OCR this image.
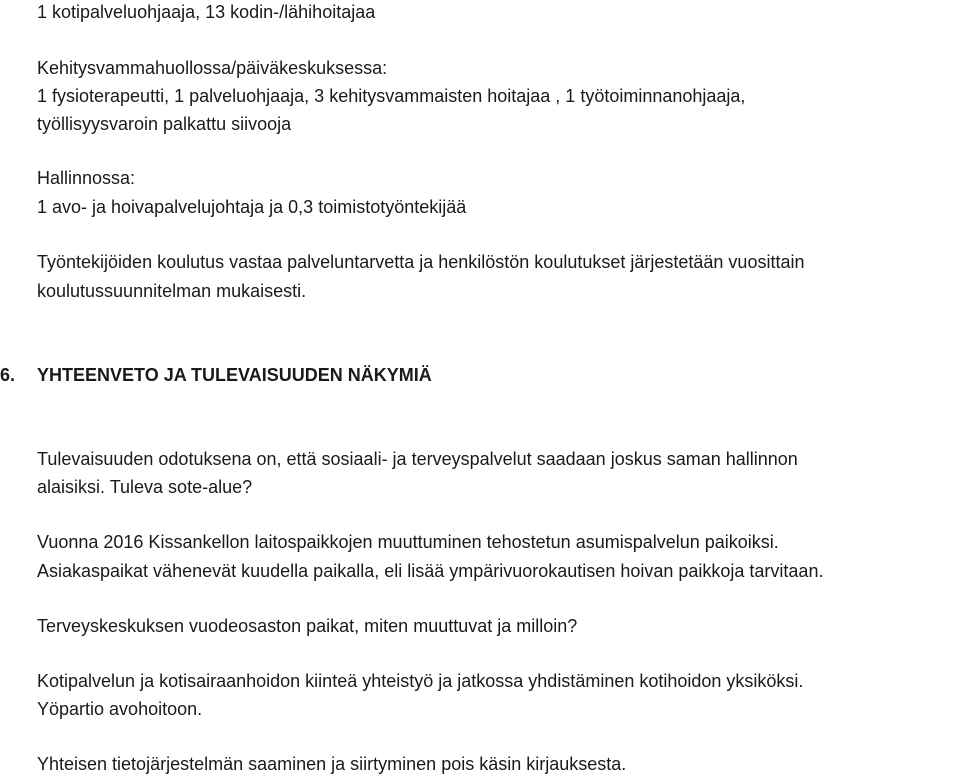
1 kotipalveluohjaaja, 13 kodin-/lähihoitajaa

Kehitysvammahuollossa/päiväkeskuksessa:

1 fysioterapeutti, 1 palveluohjaaja, 3 kehitysvammaisten hoitajaa , 1 työtoiminnanohjaaja,

työllisyysvaroin palkattu siivooja

Hallinnossa:

1 avo- ja hoivapalvelujohtaja ja 0,3 toimistotyöntekijää

Työntekijöiden koulutus vastaa palveluntarvetta ja henkilöstön koulutukset järjestetään vuosittain

koulutussuunnitelman mukaisesti.

6. YHTEENVETO JA TULEVAISUUDEN NÄKYMIÄ

Tulevaisuuden odotuksena on, että sosiaali- ja terveyspalvelut saadaan joskus saman hallinnon

alaisiksi. Tuleva sote-alue?

Vuonna 2016 Kissankellon laitospaikkojen muuttuminen tehostetun asumispalvelun paikoiksi.

Asiakaspaikat vähenevät kuudella paikalla, eli lisää ympärivuorokautisen hoivan paikkoja tarvitaan.

Terveyskeskuksen vuodeosaston paikat, miten muuttuvat ja milloin?

Kotipalvelun ja kotisairaanhoidon kiinteä yhteistyö ja jatkossa yhdistäminen kotihoidon yksiköksi.

Yöpartio avohoitoon.

Yhteisen tietojärjestelmän saaminen ja siirtyminen pois käsin kirjauksesta.
